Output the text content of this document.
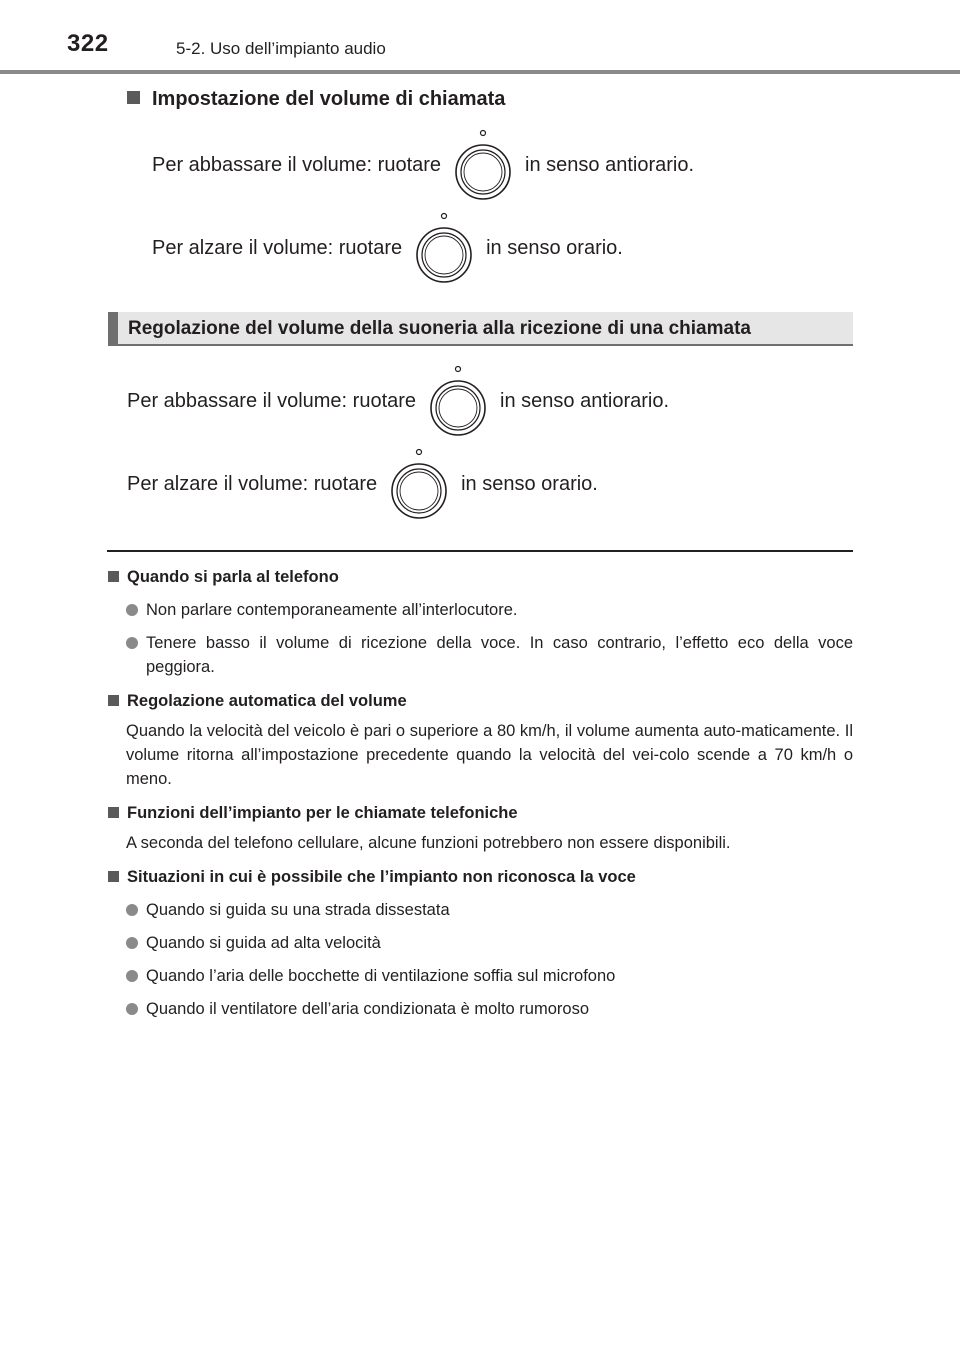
322	5-2. Uso dell’impianto audio
Impostazione del volume di chiamata
Per abbassare il volume: ruotare	in senso antiorario.
Per alzare il volume: ruotare	in senso orario.
Regolazione del volume della suoneria alla ricezione di una chiamata
Per abbassare il volume: ruotare	in senso antiorario.
Per alzare il volume: ruotare	in senso orario.
Quando si parla al telefono
Non parlare contemporaneamente all’interlocutore.
Tenere basso il volume di ricezione della voce. In caso contrario, l’effetto eco della voce peggiora.
Regolazione automatica del volume
Quando la velocità del veicolo è pari o superiore a 80 km/h, il volume aumenta auto-maticamente. Il volume ritorna all’impostazione precedente quando la velocità del vei-colo scende a 70 km/h o meno.
Funzioni dell’impianto per le chiamate telefoniche
A seconda del telefono cellulare, alcune funzioni potrebbero non essere disponibili.
Situazioni in cui è possibile che l’impianto non riconosca la voce
Quando si guida su una strada dissestata
Quando si guida ad alta velocità
Quando l’aria delle bocchette di ventilazione soffia sul microfono
Quando il ventilatore dell’aria condizionata è molto rumoroso
